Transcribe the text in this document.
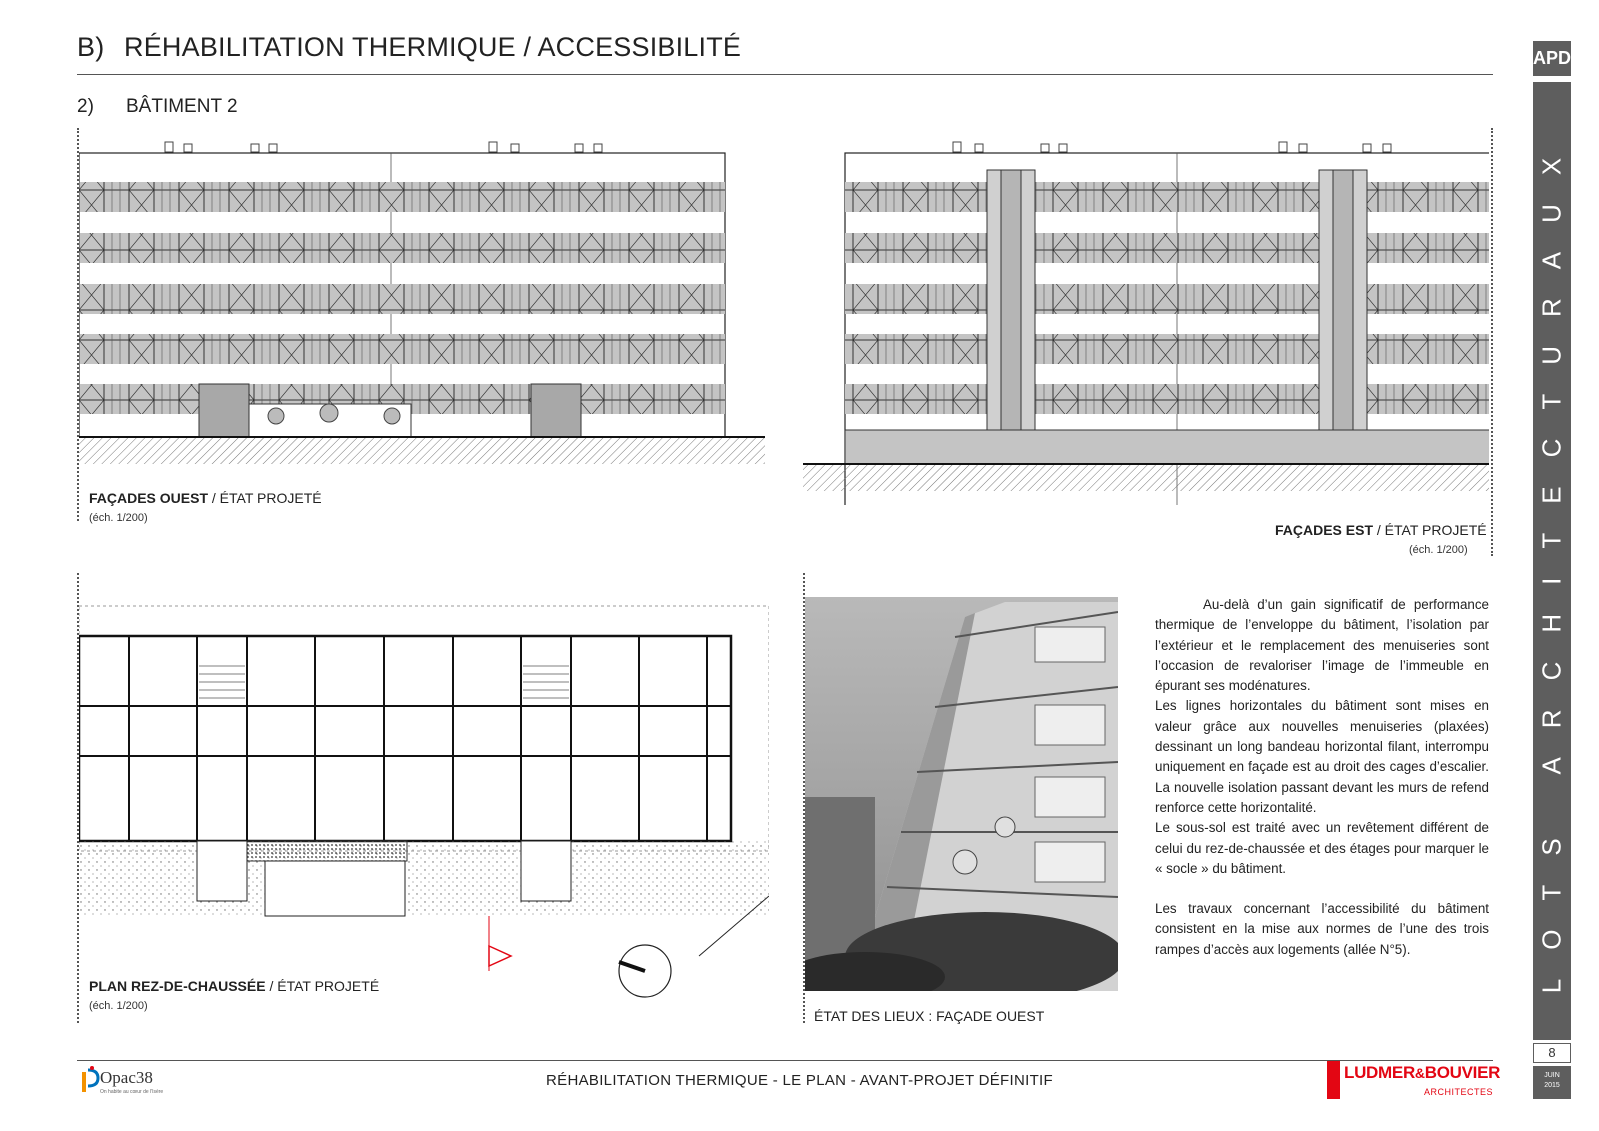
B) RÉHABILITATION THERMIQUE / ACCESSIBILITÉ
2) BÂTIMENT 2
FAÇADES OUEST / ÉTAT PROJETÉ
(éch. 1/200)
FAÇADES EST / ÉTAT PROJETÉ
(éch. 1/200)
PLAN REZ-DE-CHAUSSÉE / ÉTAT PROJETÉ
(éch. 1/200)
ÉTAT DES LIEUX : FAÇADE OUEST

Au-delà d’un gain significatif de performance thermique de l’enveloppe du bâtiment, l’isolation par l’extérieur et le remplacement des menuiseries sont l’occasion de revaloriser l’image de l’immeuble en épurant ses modénatures.

Les lignes horizontales du bâtiment sont mises en valeur grâce aux nouvelles menuiseries (plaxées) dessinant un long bandeau horizontal filant, interrompu uniquement en façade est au droit des cages d’escalier. La nouvelle isolation passant devant les murs de refend renforce cette horizontalité.

Le sous-sol est traité avec un revêtement différent de celui du rez-de-chaussée et des étages pour marquer le « socle » du bâtiment.

Les travaux concernant l’accessibilité du bâtiment consistent en la mise aux normes de l’une des trois rampes d’accès aux logements (allée N°5).

RÉHABILITATION THERMIQUE - LE PLAN - AVANT-PROJET DÉFINITIF
Opac38
On habite au cœur de l'Isère
LUDMER&BOUVIER
ARCHITECTES
APD
LOTS ARCHITECTURAUX
8
JUIN
2015
